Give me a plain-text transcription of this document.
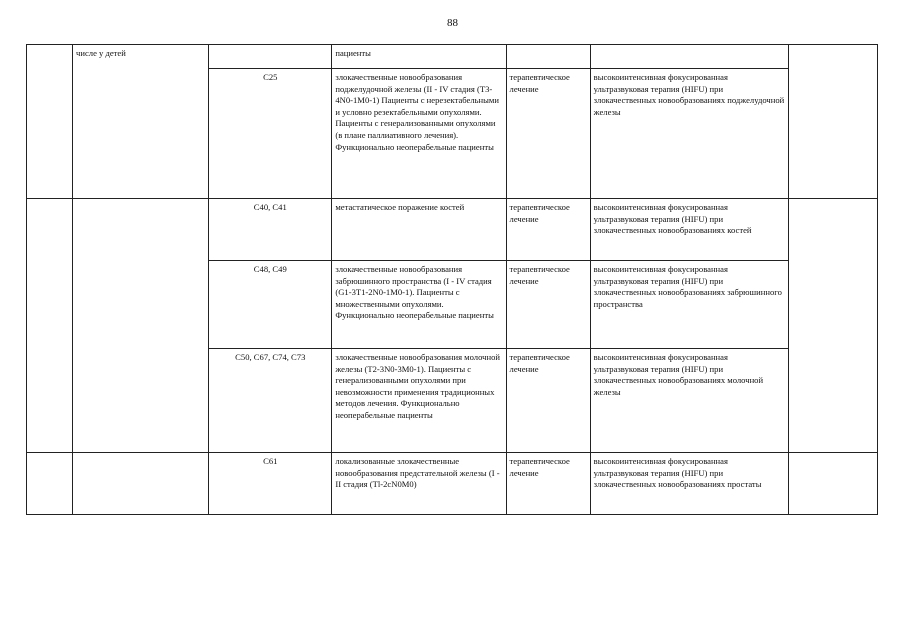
88
	числе у детей		пациенты			
		C25	злокачественные новообразования поджелудочной железы (II - IV стадия (T3-4N0-1M0-1) Пациенты с нерезектабельными и условно резектабельными опухолями. Пациенты с генерализованными опухолями (в плане паллиативного лечения). Функционально неоперабельные пациенты	терапевтическое лечение	высокоинтенсивная фокусированная ультразвуковая терапия (HIFU) при злокачественных новообразованиях поджелудочной железы	
		C40, C41	метастатическое поражение костей	терапевтическое лечение	высокоинтенсивная фокусированная ультразвуковая терапия (HIFU) при злокачественных новообразованиях костей	
		C48, C49	злокачественные новообразования забрюшинного пространства (I - IV стадия (G1-3T1-2N0-1M0-1). Пациенты с множественными опухолями. Функционально неоперабельные пациенты	терапевтическое лечение	высокоинтенсивная фокусированная ультразвуковая терапия (HIFU) при злокачественных новообразованиях забрюшинного пространства	
		C50, C67, C74, C73	злокачественные новообразования молочной железы (T2-3N0-3M0-1). Пациенты с генерализованными опухолями при невозможности применения традиционных методов лечения. Функционально неоперабельные пациенты	терапевтическое лечение	высокоинтенсивная фокусированная ультразвуковая терапия (HIFU) при злокачественных новообразованиях молочной железы	
		C61	локализованные злокачественные новообразования предстательной железы (I - II стадия (Tl-2cN0M0)	терапевтическое лечение	высокоинтенсивная фокусированная ультразвуковая терапия (HIFU) при злокачественных новообразованиях простаты	
